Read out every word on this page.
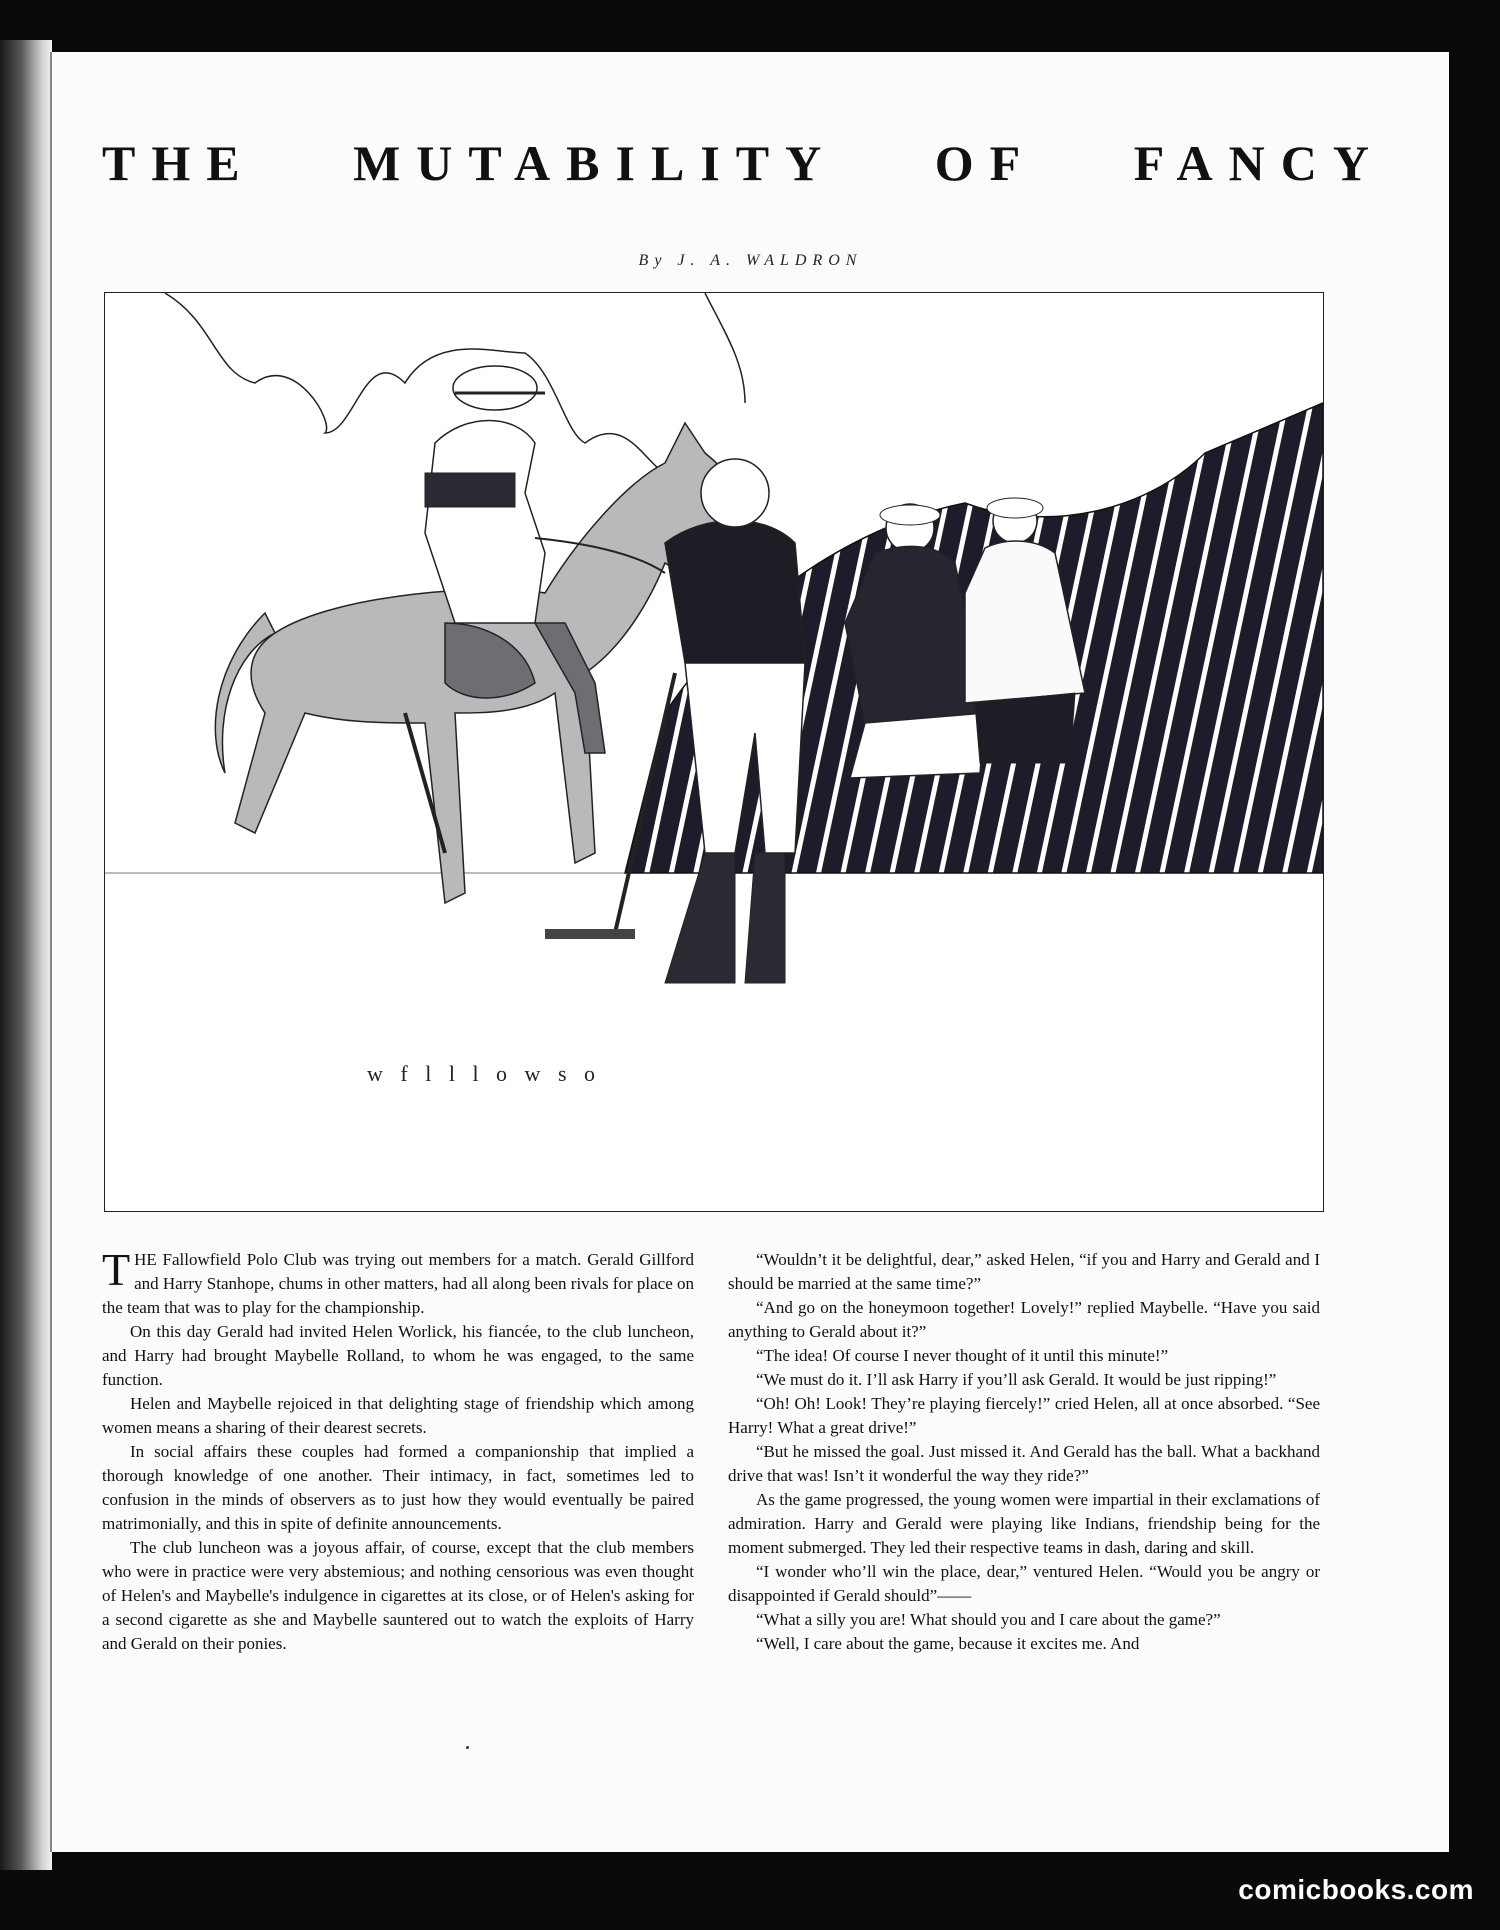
THE MUTABILITY OF FANCY
By J. A. WALDRON
w f l l l o w s o

THE Fallowfield Polo Club was trying out members for a match. Gerald Gillford and Harry Stanhope, chums in other matters, had all along been rivals for place on the team that was to play for the championship.

On this day Gerald had invited Helen Worlick, his fiancée, to the club luncheon, and Harry had brought Maybelle Rolland, to whom he was engaged, to the same function.

Helen and Maybelle rejoiced in that delighting stage of friendship which among women means a sharing of their dearest secrets.

In social affairs these couples had formed a companionship that implied a thorough knowledge of one another. Their intimacy, in fact, sometimes led to confusion in the minds of observers as to just how they would eventually be paired matrimonially, and this in spite of definite announcements.

The club luncheon was a joyous affair, of course, except that the club members who were in practice were very abstemious; and nothing censorious was even thought of Helen's and Maybelle's indulgence in cigarettes at its close, or of Helen's asking for a second cigarette as she and Maybelle sauntered out to watch the exploits of Harry and Gerald on their ponies.

“Wouldn’t it be delightful, dear,” asked Helen, “if you and Harry and Gerald and I should be married at the same time?”

“And go on the honeymoon together! Lovely!” replied Maybelle. “Have you said anything to Gerald about it?”

“The idea! Of course I never thought of it until this minute!”

“We must do it. I’ll ask Harry if you’ll ask Gerald. It would be just ripping!”

“Oh! Oh! Look! They’re playing fiercely!” cried Helen, all at once absorbed. “See Harry! What a great drive!”

“But he missed the goal. Just missed it. And Gerald has the ball. What a backhand drive that was! Isn’t it wonderful the way they ride?”

As the game progressed, the young women were impartial in their exclamations of admiration. Harry and Gerald were playing like Indians, friendship being for the moment submerged. They led their respective teams in dash, daring and skill.

“I wonder who’ll win the place, dear,” ventured Helen. “Would you be angry or disappointed if Gerald should”——

“What a silly you are! What should you and I care about the game?”

“Well, I care about the game, because it excites me. And

comicbooks.com
